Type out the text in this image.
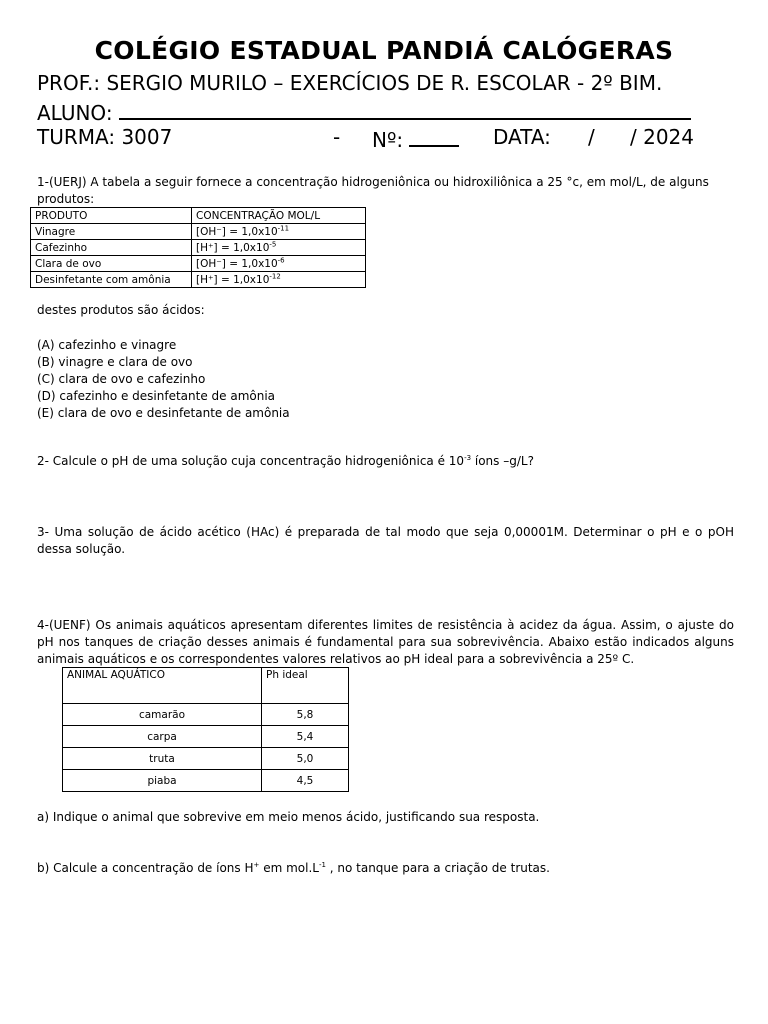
COLÉGIO ESTADUAL PANDIÁ CALÓGERAS
PROF.: SERGIO MURILO – EXERCÍCIOS DE R. ESCOLAR - 2º BIM.
ALUNO:
TURMA: 3007	- Nº:	DATA: / / 2024
1-(UERJ) A tabela a seguir fornece a concentração hidrogeniônica ou hidroxiliônica a 25 °c, em mol/L, de alguns produtos:
PRODUTO	CONCENTRAÇÃO MOL/L
Vinagre	$[OH^-] = 1,0x10^{-11}$
Cafezinho	$[H^+] = 1,0x10^{-5}$
Clara de ovo	$[OH^-] = 1,0x10^{-6}$
Desinfetante com amônia	$[H^+] = 1,0x10^{-12}$
destes produtos são ácidos:
(A) cafezinho e vinagre
(B) vinagre e clara de ovo
(C) clara de ovo e cafezinho
(D) cafezinho e desinfetante de amônia
(E) clara de ovo e desinfetante de amônia
2- Calcule o pH de uma solução cuja concentração hidrogeniônica é $10^{-3}$ íons –g/L?
3- Uma solução de ácido acético (HAc) é preparada de tal modo que seja 0,00001M. Determinar o pH e o pOH dessa solução.
4-(UENF) Os animais aquáticos apresentam diferentes limites de resistência à acidez da água. Assim, o ajuste do pH nos tanques de criação desses animais é fundamental para sua sobrevivência. Abaixo estão indicados alguns animais aquáticos e os correspondentes valores relativos ao pH ideal para a sobrevivência a 25º C.
ANIMAL AQUÁTICO	Ph ideal
camarão	5,8
carpa	5,4
truta	5,0
piaba	4,5
a) Indique o animal que sobrevive em meio menos ácido, justificando sua resposta.
b) Calcule a concentração de íons H+ em $mol.L^{-1}$ , no tanque para a criação de trutas.
